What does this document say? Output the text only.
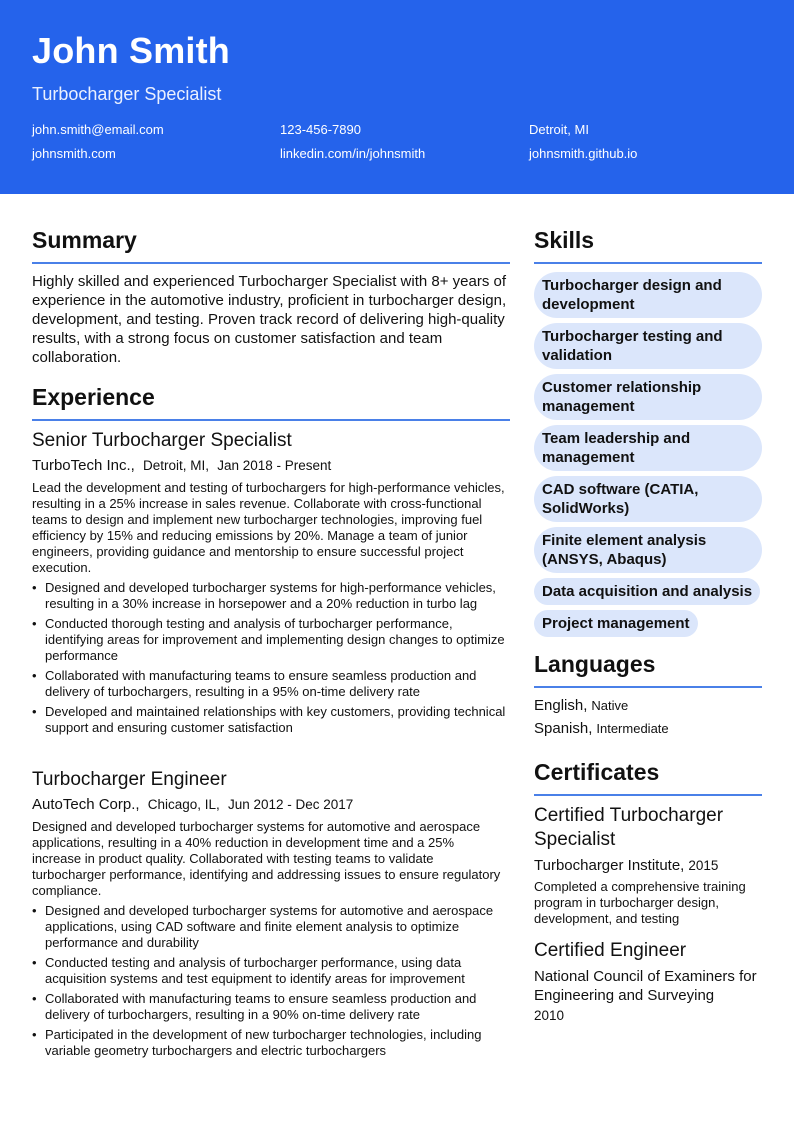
John Smith
Turbocharger Specialist
john.smith@email.com	123-456-7890	Detroit, MI
johnsmith.com	linkedin.com/in/johnsmith	johnsmith.github.io
Summary
Highly skilled and experienced Turbocharger Specialist with 8+ years of experience in the automotive industry, proficient in turbocharger design, development, and testing. Proven track record of delivering high-quality results, with a strong focus on customer satisfaction and team collaboration.
Experience
Senior Turbocharger Specialist
TurboTech Inc., Detroit, MI, Jan 2018 - Present
Lead the development and testing of turbochargers for high-performance vehicles, resulting in a 25% increase in sales revenue. Collaborate with cross-functional teams to design and implement new turbocharger technologies, improving fuel efficiency by 15% and reducing emissions by 20%. Manage a team of junior engineers, providing guidance and mentorship to ensure successful project execution.
• Designed and developed turbocharger systems for high-performance vehicles, resulting in a 30% increase in horsepower and a 20% reduction in turbo lag
• Conducted thorough testing and analysis of turbocharger performance, identifying areas for improvement and implementing design changes to optimize performance
• Collaborated with manufacturing teams to ensure seamless production and delivery of turbochargers, resulting in a 95% on-time delivery rate
• Developed and maintained relationships with key customers, providing technical support and ensuring customer satisfaction
Turbocharger Engineer
AutoTech Corp., Chicago, IL, Jun 2012 - Dec 2017
Designed and developed turbocharger systems for automotive and aerospace applications, resulting in a 40% reduction in development time and a 25% increase in product quality. Collaborated with testing teams to validate turbocharger performance, identifying and addressing issues to ensure regulatory compliance.
• Designed and developed turbocharger systems for automotive and aerospace applications, using CAD software and finite element analysis to optimize performance and durability
• Conducted testing and analysis of turbocharger performance, using data acquisition systems and test equipment to identify areas for improvement
• Collaborated with manufacturing teams to ensure seamless production and delivery of turbochargers, resulting in a 90% on-time delivery rate
• Participated in the development of new turbocharger technologies, including variable geometry turbochargers and electric turbochargers
Skills
Turbocharger design and development Turbocharger testing and validation Customer relationship management Team leadership and management CAD software (CATIA, SolidWorks) Finite element analysis (ANSYS, Abaqus) Data acquisition and analysis
Project management
Languages
English, Native
Spanish, Intermediate
Certificates
Certified Turbocharger Specialist
Turbocharger Institute, 2015
Completed a comprehensive training program in turbocharger design, development, and testing
Certified Engineer
National Council of Examiners for Engineering and Surveying
2010
